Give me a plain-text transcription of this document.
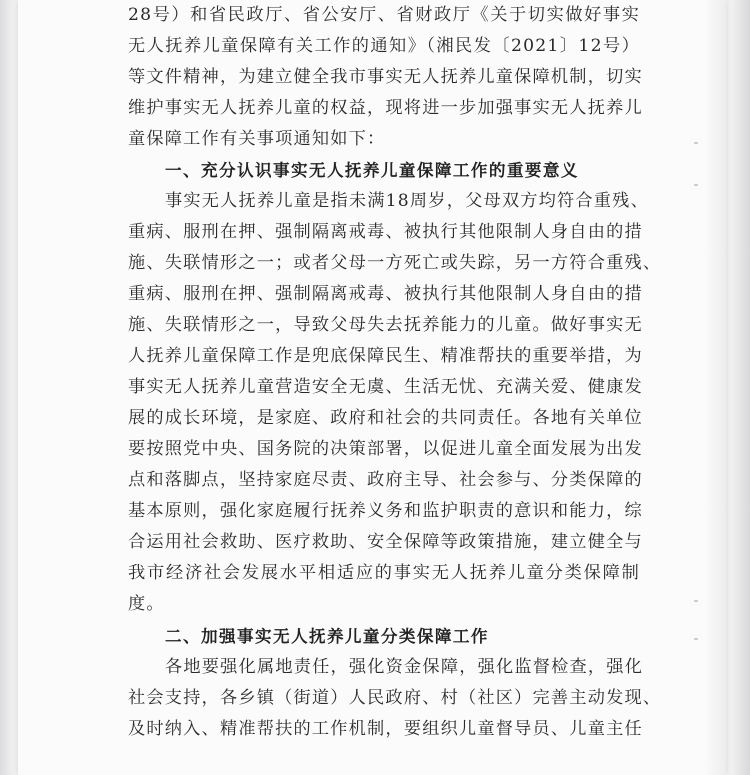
28号）和省民政厅、省公安厅、省财政厅《关于切实做好事实
无人抚养儿童保障有关工作的通知》（湘民发〔2021〕12号）
等文件精神，为建立健全我市事实无人抚养儿童保障机制，切实
维护事实无人抚养儿童的权益，现将进一步加强事实无人抚养儿
童保障工作有关事项通知如下：
一、充分认识事实无人抚养儿童保障工作的重要意义
事实无人抚养儿童是指未满18周岁，父母双方均符合重残、
重病、服刑在押、强制隔离戒毒、被执行其他限制人身自由的措
施、失联情形之一；或者父母一方死亡或失踪，另一方符合重残、
重病、服刑在押、强制隔离戒毒、被执行其他限制人身自由的措
施、失联情形之一，导致父母失去抚养能力的儿童。做好事实无
人抚养儿童保障工作是兜底保障民生、精准帮扶的重要举措，为
事实无人抚养儿童营造安全无虞、生活无忧、充满关爱、健康发
展的成长环境，是家庭、政府和社会的共同责任。各地有关单位
要按照党中央、国务院的决策部署，以促进儿童全面发展为出发
点和落脚点，坚持家庭尽责、政府主导、社会参与、分类保障的
基本原则，强化家庭履行抚养义务和监护职责的意识和能力，综
合运用社会救助、医疗救助、安全保障等政策措施，建立健全与
我市经济社会发展水平相适应的事实无人抚养儿童分类保障制
度。
二、加强事实无人抚养儿童分类保障工作
各地要强化属地责任，强化资金保障，强化监督检查，强化
社会支持，各乡镇（街道）人民政府、村（社区）完善主动发现、
及时纳入、精准帮扶的工作机制，要组织儿童督导员、儿童主任
